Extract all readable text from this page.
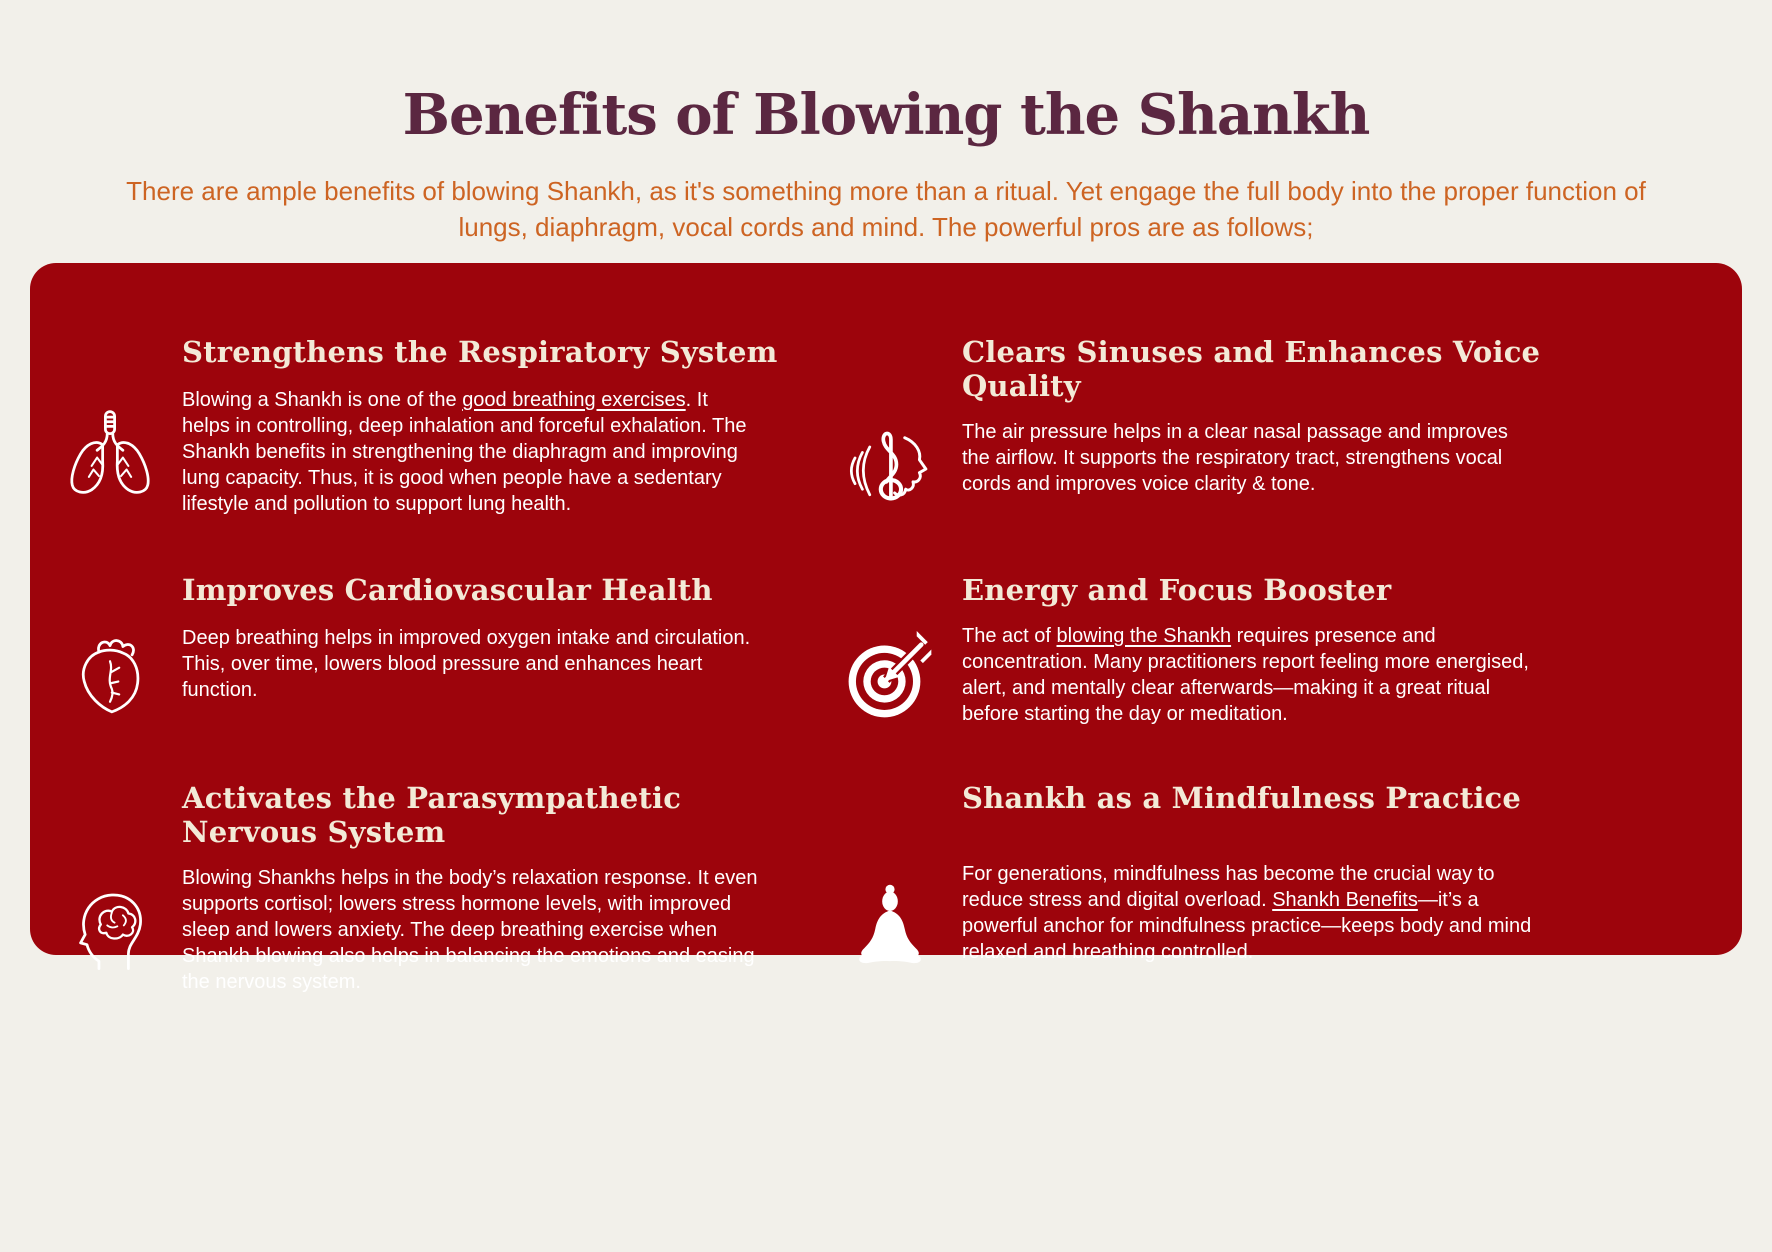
Benefits of Blowing the Shankh

There are ample benefits of blowing Shankh, as it's something more than a ritual. Yet engage the full body into the proper function of lungs, diaphragm, vocal cords and mind. The powerful pros are as follows;

Strengthens the Respiratory System
Blowing a Shankh is one of the good breathing exercises. It helps in controlling, deep inhalation and forceful exhalation. The Shankh benefits in strengthening the diaphragm and improving lung capacity. Thus, it is good when people have a sedentary lifestyle and pollution to support lung health.
Clears Sinuses and Enhances Voice Quality
The air pressure helps in a clear nasal passage and improves the airflow. It supports the respiratory tract, strengthens vocal cords and improves voice clarity & tone.
Improves Cardiovascular Health
Deep breathing helps in improved oxygen intake and circulation. This, over time, lowers blood pressure and enhances heart function.
Energy and Focus Booster
The act of blowing the Shankh requires presence and concentration. Many practitioners report feeling more energised, alert, and mentally clear afterwards—making it a great ritual before starting the day or meditation.
Activates the Parasympathetic Nervous System
Blowing Shankhs helps in the body’s relaxation response. It even supports cortisol; lowers stress hormone levels, with improved sleep and lowers anxiety. The deep breathing exercise when Shankh blowing also helps in balancing the emotions and easing the nervous system.
Shankh as a Mindfulness Practice
For generations, mindfulness has become the crucial way to reduce stress and digital overload. Shankh Benefits—it’s a powerful anchor for mindfulness practice—keeps body and mind relaxed and breathing controlled.
